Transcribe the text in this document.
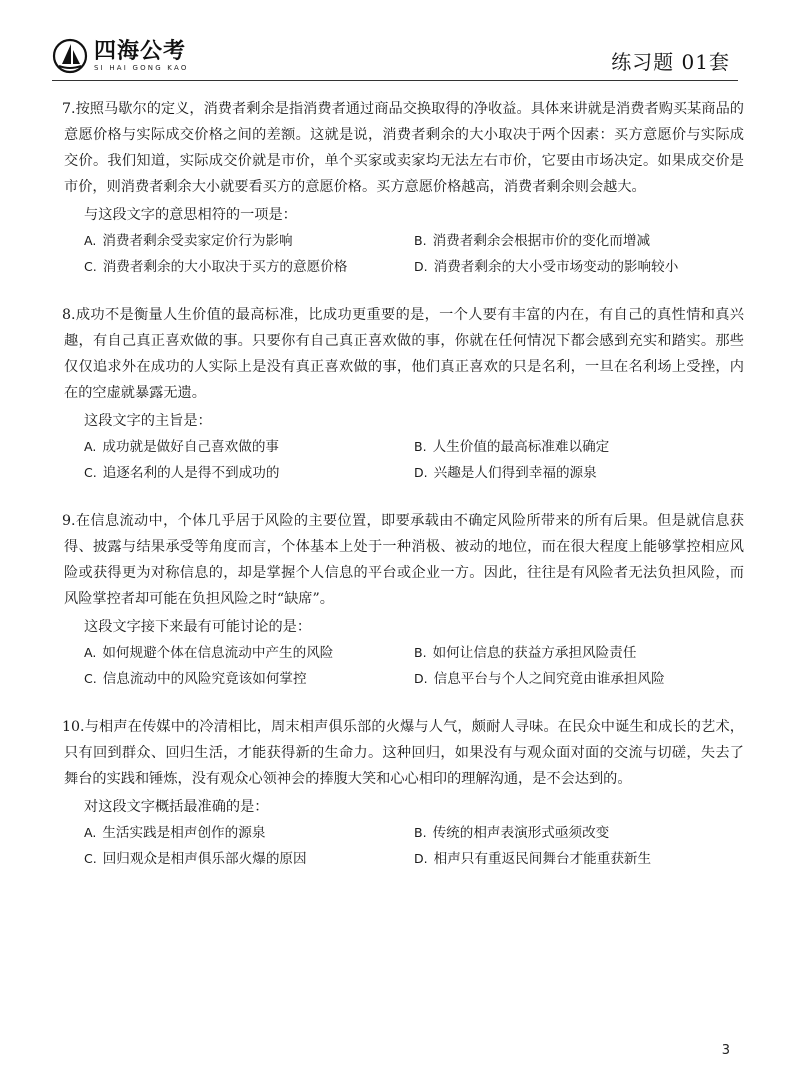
四海公考
SI HAI GONG KAO	练习题 01套

7.按照马歇尔的定义，消费者剩余是指消费者通过商品交换取得的净收益。具体来讲就是消费者购买某商品的意愿价格与实际成交价格之间的差额。这就是说，消费者剩余的大小取决于两个因素：买方意愿价与实际成交价。我们知道，实际成交价就是市价，单个买家或卖家均无法左右市价，它要由市场决定。如果成交价是市价，则消费者剩余大小就要看买方的意愿价格。买方意愿价格越高，消费者剩余则会越大。

与这段文字的意思相符的一项是：
A. 消费者剩余受卖家定价行为影响	B. 消费者剩余会根据市价的变化而增减
C. 消费者剩余的大小取决于买方的意愿价格	D. 消费者剩余的大小受市场变动的影响较小

8.成功不是衡量人生价值的最高标准，比成功更重要的是，一个人要有丰富的内在，有自己的真性情和真兴趣，有自己真正喜欢做的事。只要你有自己真正喜欢做的事，你就在任何情况下都会感到充实和踏实。那些仅仅追求外在成功的人实际上是没有真正喜欢做的事，他们真正喜欢的只是名利，一旦在名利场上受挫，内在的空虚就暴露无遗。

这段文字的主旨是：
A. 成功就是做好自己喜欢做的事	B. 人生价值的最高标准难以确定
C. 追逐名利的人是得不到成功的	D. 兴趣是人们得到幸福的源泉

9.在信息流动中，个体几乎居于风险的主要位置，即要承载由不确定风险所带来的所有后果。但是就信息获得、披露与结果承受等角度而言，个体基本上处于一种消极、被动的地位，而在很大程度上能够掌控相应风险或获得更为对称信息的，却是掌握个人信息的平台或企业一方。因此，往往是有风险者无法负担风险，而风险掌控者却可能在负担风险之时“缺席”。

这段文字接下来最有可能讨论的是：
A. 如何规避个体在信息流动中产生的风险	B. 如何让信息的获益方承担风险责任
C. 信息流动中的风险究竟该如何掌控	D. 信息平台与个人之间究竟由谁承担风险

10.与相声在传媒中的冷清相比，周末相声俱乐部的火爆与人气，颇耐人寻味。在民众中诞生和成长的艺术，只有回到群众、回归生活，才能获得新的生命力。这种回归，如果没有与观众面对面的交流与切磋，失去了舞台的实践和锤炼，没有观众心领神会的捧腹大笑和心心相印的理解沟通，是不会达到的。

对这段文字概括最准确的是：
A. 生活实践是相声创作的源泉	B. 传统的相声表演形式亟须改变
C. 回归观众是相声俱乐部火爆的原因	D. 相声只有重返民间舞台才能重获新生
3
